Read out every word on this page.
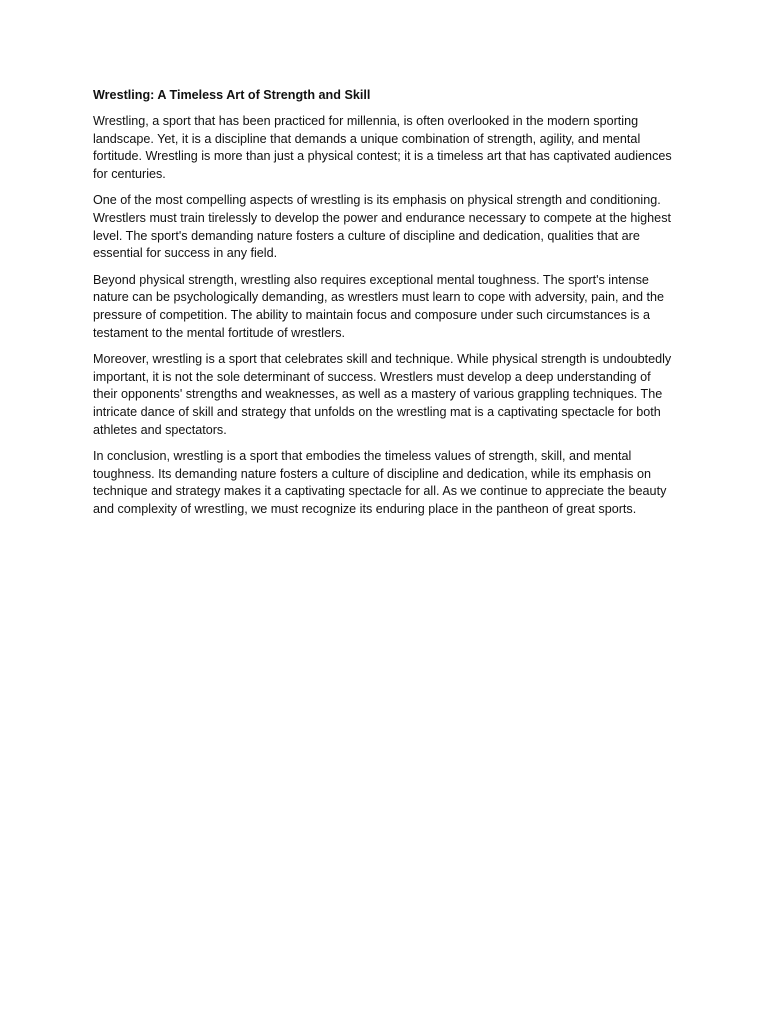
Wrestling: A Timeless Art of Strength and Skill

Wrestling, a sport that has been practiced for millennia, is often overlooked in the modern sporting landscape. Yet, it is a discipline that demands a unique combination of strength, agility, and mental fortitude. Wrestling is more than just a physical contest; it is a timeless art that has captivated audiences for centuries.

One of the most compelling aspects of wrestling is its emphasis on physical strength and conditioning. Wrestlers must train tirelessly to develop the power and endurance necessary to compete at the highest level. The sport's demanding nature fosters a culture of discipline and dedication, qualities that are essential for success in any field.

Beyond physical strength, wrestling also requires exceptional mental toughness. The sport's intense nature can be psychologically demanding, as wrestlers must learn to cope with adversity, pain, and the pressure of competition. The ability to maintain focus and composure under such circumstances is a testament to the mental fortitude of wrestlers.

Moreover, wrestling is a sport that celebrates skill and technique. While physical strength is undoubtedly important, it is not the sole determinant of success. Wrestlers must develop a deep understanding of their opponents' strengths and weaknesses, as well as a mastery of various grappling techniques. The intricate dance of skill and strategy that unfolds on the wrestling mat is a captivating spectacle for both athletes and spectators.

In conclusion, wrestling is a sport that embodies the timeless values of strength, skill, and mental toughness. Its demanding nature fosters a culture of discipline and dedication, while its emphasis on technique and strategy makes it a captivating spectacle for all. As we continue to appreciate the beauty and complexity of wrestling, we must recognize its enduring place in the pantheon of great sports.
